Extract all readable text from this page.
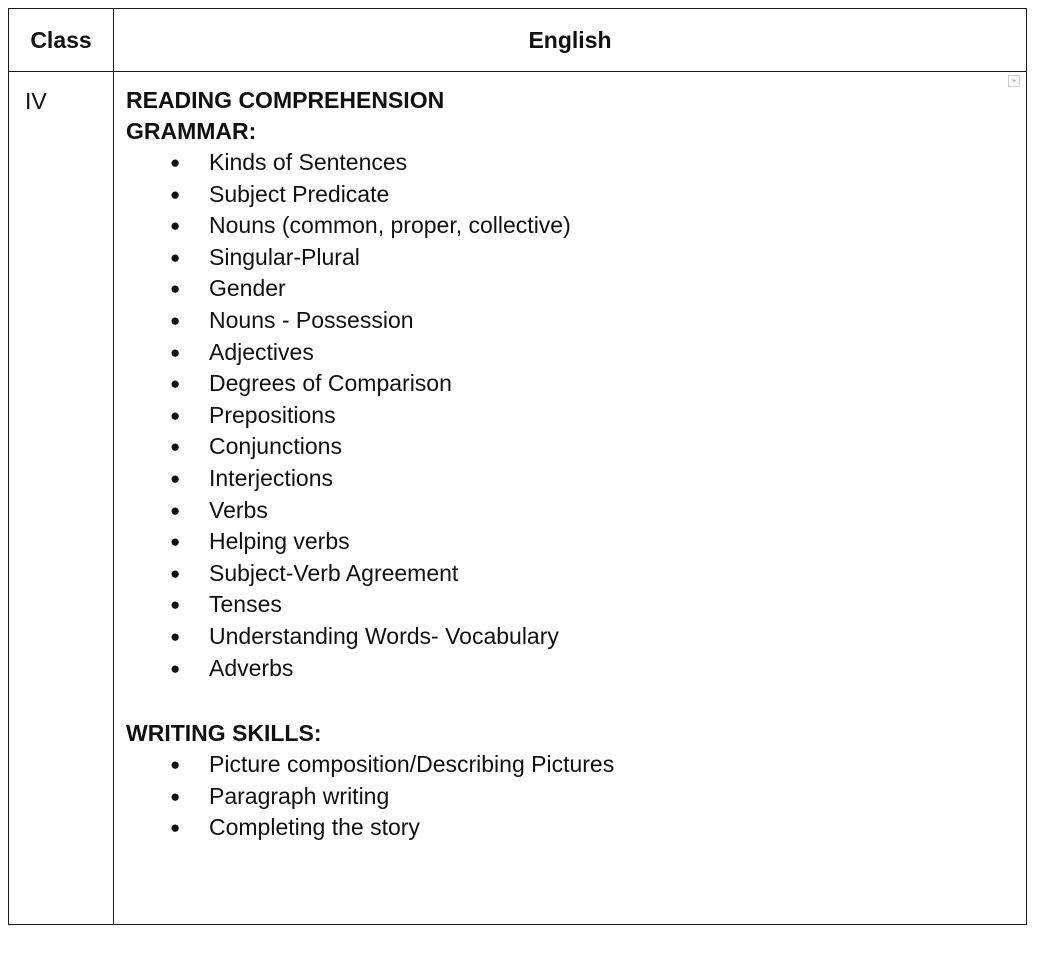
Class	English
IV	READING COMPREHENSION

GRAMMAR:

● Kinds of Sentences
● Subject Predicate
● Nouns (common, proper, collective)
● Singular-Plural
● Gender
● Nouns - Possession
● Adjectives
● Degrees of Comparison
● Prepositions
● Conjunctions
● Interjections
● Verbs
● Helping verbs
● Subject-Verb Agreement
● Tenses
● Understanding Words- Vocabulary
● Adverbs

WRITING SKILLS:

● Picture composition/Describing Pictures
● Paragraph writing
● Completing the story
